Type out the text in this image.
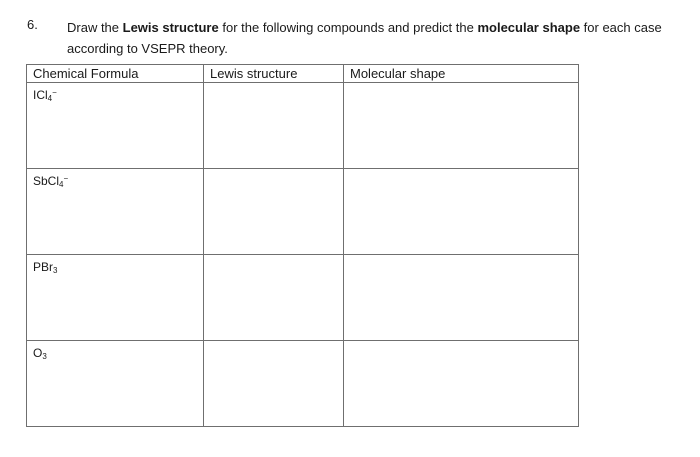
6. Draw the Lewis structure for the following compounds and predict the molecular shape for each case according to VSEPR theory.
Chemical Formula	Lewis structure	Molecular shape

ICl$_4$−

SbCl$_4$−

PBr$_3$

$O_3$
